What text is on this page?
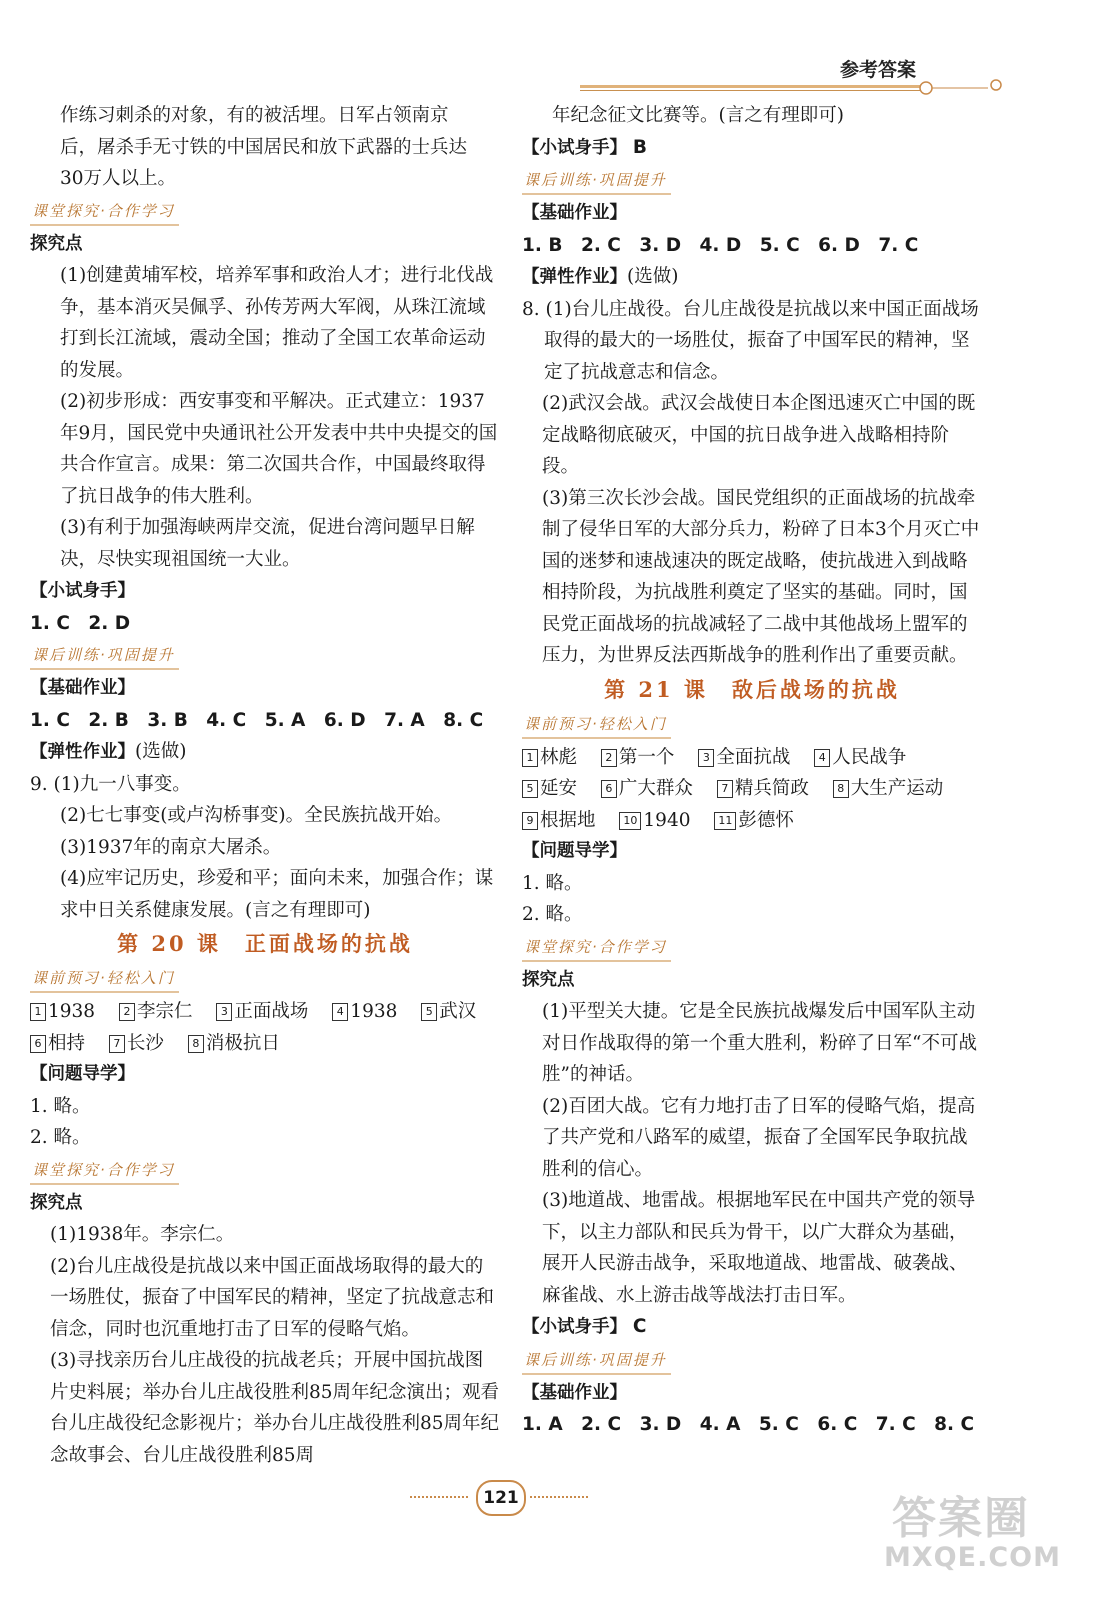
参考答案

作练习刺杀的对象，有的被活埋。日军占领南京

后，屠杀手无寸铁的中国居民和放下武器的士兵达

30万人以上。

课堂探究·合作学习

探究点

(1)创建黄埔军校，培养军事和政治人才；进行北伐战争，基本消灭吴佩孚、孙传芳两大军阀，从珠江流域打到长江流域，震动全国；推动了全国工农革命运动的发展。

(2)初步形成：西安事变和平解决。正式建立：1937年9月，国民党中央通讯社公开发表中共中央提交的国共合作宣言。成果：第二次国共合作，中国最终取得了抗日战争的伟大胜利。

(3)有利于加强海峡两岸交流，促进台湾问题早日解决，尽快实现祖国统一大业。

【小试身手】

1. C　2. D

课后训练·巩固提升

【基础作业】

1. C　2. B　3. B　4. C　5. A　6. D　7. A　8. C

【弹性作业】(选做)

9. (1)九一八事变。

(2)七七事变(或卢沟桥事变)。全民族抗战开始。

(3)1937年的南京大屠杀。

(4)应牢记历史，珍爱和平；面向未来，加强合作；谋求中日关系健康发展。(言之有理即可)

第 20 课　正面战场的抗战

课前预习·轻松入门

1 1938	2 李宗仁	3 正面战场	4 1938	5 武汉

6 相持	7 长沙	8 消极抗日

【问题导学】

1. 略。

2. 略。

课堂探究·合作学习

探究点

(1)1938年。李宗仁。

(2)台儿庄战役是抗战以来中国正面战场取得的最大的一场胜仗，振奋了中国军民的精神，坚定了抗战意志和信念，同时也沉重地打击了日军的侵略气焰。

(3)寻找亲历台儿庄战役的抗战老兵；开展中国抗战图片史料展；举办台儿庄战役胜利85周年纪念演出；观看台儿庄战役纪念影视片；举办台儿庄战役胜利85周年纪念故事会、台儿庄战役胜利85周

年纪念征文比赛等。(言之有理即可)

【小试身手】 B

课后训练·巩固提升

【基础作业】

1. B　2. C　3. D　4. D　5. C　6. D　7. C

【弹性作业】(选做)

8. (1)台儿庄战役。台儿庄战役是抗战以来中国正面战场取得的最大的一场胜仗，振奋了中国军民的精神，坚定了抗战意志和信念。

(2)武汉会战。武汉会战使日本企图迅速灭亡中国的既定战略彻底破灭，中国的抗日战争进入战略相持阶段。

(3)第三次长沙会战。国民党组织的正面战场的抗战牵制了侵华日军的大部分兵力，粉碎了日本3个月灭亡中国的迷梦和速战速决的既定战略，使抗战进入到战略相持阶段，为抗战胜利奠定了坚实的基础。同时，国民党正面战场的抗战减轻了二战中其他战场上盟军的压力，为世界反法西斯战争的胜利作出了重要贡献。

第 21 课　敌后战场的抗战

课前预习·轻松入门

1 林彪	2 第一个	3 全面抗战	4 人民战争

5 延安	6 广大群众	7 精兵简政	8 大生产运动

9 根据地	10 1940	11 彭德怀

【问题导学】

1. 略。

2. 略。

课堂探究·合作学习

探究点

(1)平型关大捷。它是全民族抗战爆发后中国军队主动对日作战取得的第一个重大胜利，粉碎了日军“不可战胜”的神话。

(2)百团大战。它有力地打击了日军的侵略气焰，提高了共产党和八路军的威望，振奋了全国军民争取抗战胜利的信心。

(3)地道战、地雷战。根据地军民在中国共产党的领导下，以主力部队和民兵为骨干，以广大群众为基础，展开人民游击战争，采取地道战、地雷战、破袭战、麻雀战、水上游击战等战法打击日军。

【小试身手】 C

课后训练·巩固提升

【基础作业】

1. A　2. C　3. D　4. A　5. C　6. C　7. C　8. C

121	答案圈
MXQE.COM
